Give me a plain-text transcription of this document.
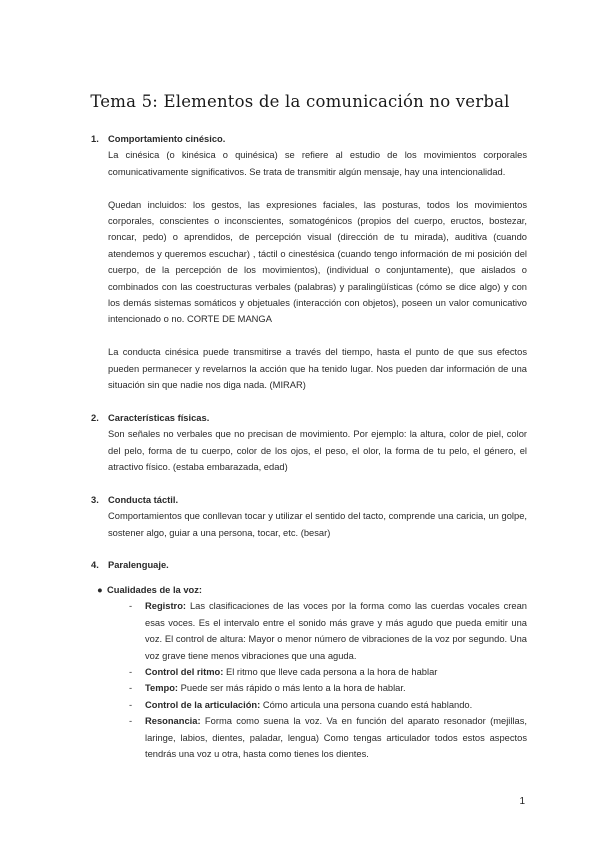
Tema 5: Elementos de la comunicación no verbal
1. Comportamiento cinésico.
La cinésica (o kinésica o quinésica) se refiere al estudio de los movimientos corporales comunicativamente significativos. Se trata de transmitir algún mensaje, hay una intencionalidad.
Quedan incluidos: los gestos, las expresiones faciales, las posturas, todos los movimientos corporales, conscientes o inconscientes, somatogénicos (propios del cuerpo, eructos, bostezar, roncar, pedo) o aprendidos, de percepción visual (dirección de tu mirada), auditiva (cuando atendemos y queremos escuchar) , táctil o cinestésica (cuando tengo información de mi posición del cuerpo, de la percepción de los movimientos), (individual o conjuntamente), que aislados o combinados con las coestructuras verbales (palabras) y paralingüísticas (cómo se dice algo) y con los demás sistemas somáticos y objetuales (interacción con objetos), poseen un valor comunicativo intencionado o no. CORTE DE MANGA
La conducta cinésica puede transmitirse a través del tiempo, hasta el punto de que sus efectos pueden permanecer y revelarnos la acción que ha tenido lugar. Nos pueden dar información de una situación sin que nadie nos diga nada. (MIRAR)
2. Características físicas.
Son señales no verbales que no precisan de movimiento. Por ejemplo: la altura, color de piel, color del pelo, forma de tu cuerpo, color de los ojos, el peso, el olor, la forma de tu pelo, el género, el atractivo físico. (estaba embarazada, edad)
3. Conducta táctil.
Comportamientos que conllevan tocar y utilizar el sentido del tacto, comprende una caricia, un golpe, sostener algo, guiar a una persona, tocar, etc. (besar)
4. Paralenguaje.
● Cualidades de la voz:
- Registro: Las clasificaciones de las voces por la forma como las cuerdas vocales crean esas voces. Es el intervalo entre el sonido más grave y más agudo que pueda emitir una voz. El control de altura: Mayor o menor número de vibraciones de la voz por segundo. Una voz grave tiene menos vibraciones que una aguda.
- Control del ritmo: El ritmo que lleve cada persona a la hora de hablar
- Tempo: Puede ser más rápido o más lento a la hora de hablar.
- Control de la articulación: Cómo articula una persona cuando está hablando.
- Resonancia: Forma como suena la voz. Va en función del aparato resonador (mejillas, laringe, labios, dientes, paladar, lengua) Como tengas articulador todos estos aspectos tendrás una voz u otra, hasta como tienes los dientes.
1
